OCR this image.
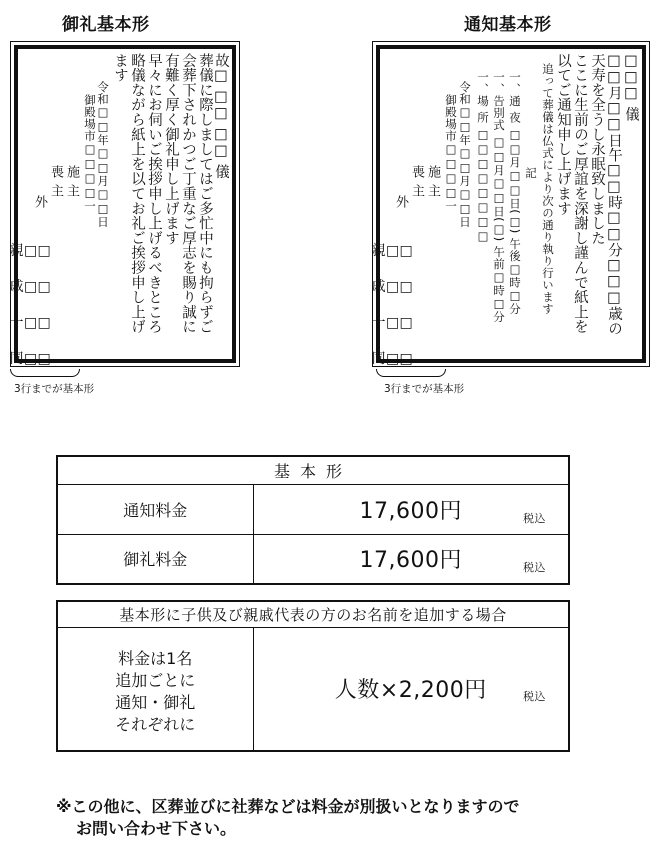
御礼基本形
故□ □□ □□ 儀
葬儀に際しましてはご多忙中にも拘らずご
会葬下されかつご丁重なご厚志を賜り誠に
有難く厚く御礼申し上げます
早々にお伺いご挨拶申し上げるべきところ
略儀ながら紙上を以てお礼ご挨拶申し上げ
ます
令和□□年□□月□□日
御殿場市□□□□一
施 主
喪 主
外
親□□
戚□□
一□□
同□□
3行までが基本形
通知基本形
□□□ 儀
□□月□□日午□□時□□分□□□歳の
天寿を全うし永眠致しました
ここに生前のご厚誼を深謝し謹んで紙上を
以てご通知申し上げます
追って葬儀は仏式により次の通り執り行います
記
一、通 夜 □□月□□日(□) 午後□時□分
一、告別式 □□月□□日(□) 午前□時□分
一、場 所 □□□□□□□□
令和□□年□□月□□日
御殿場市□□□□一
施 主
喪 主
外
親□□
戚□□
一□□
同□□
3行までが基本形
基本形	
通知料金	17,600円 税込

御礼料金	17,600円 税込
基本形に子供及び親戚代表の方のお名前を追加する場合

料金は1名
追加ごとに
通知・御礼
それぞれに
	人数×2,200円	税込
※この他に、区葬並びに社葬などは料金が別扱いとなりますので
お問い合わせ下さい。
